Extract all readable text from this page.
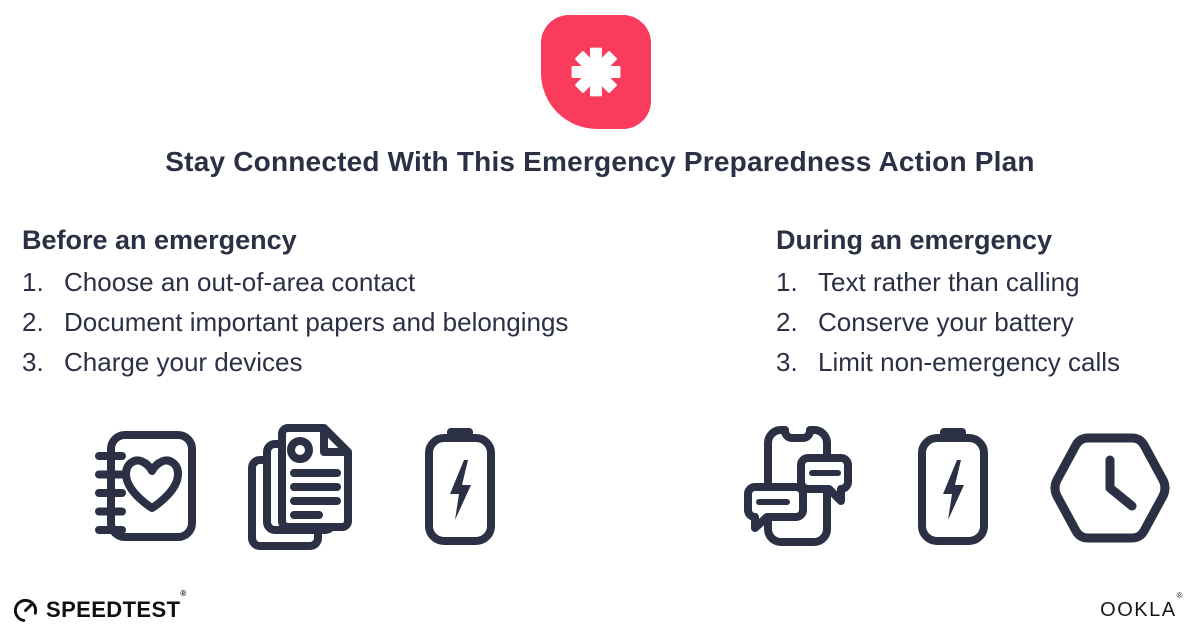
Stay Connected With This Emergency Preparedness Action Plan
Before an emergency
Choose an out-of-area contact
Document important papers and belongings
Charge your devices
During an emergency
Text rather than calling
Conserve your battery
Limit non-emergency calls
SPEEDTEST®
OOKLA®
